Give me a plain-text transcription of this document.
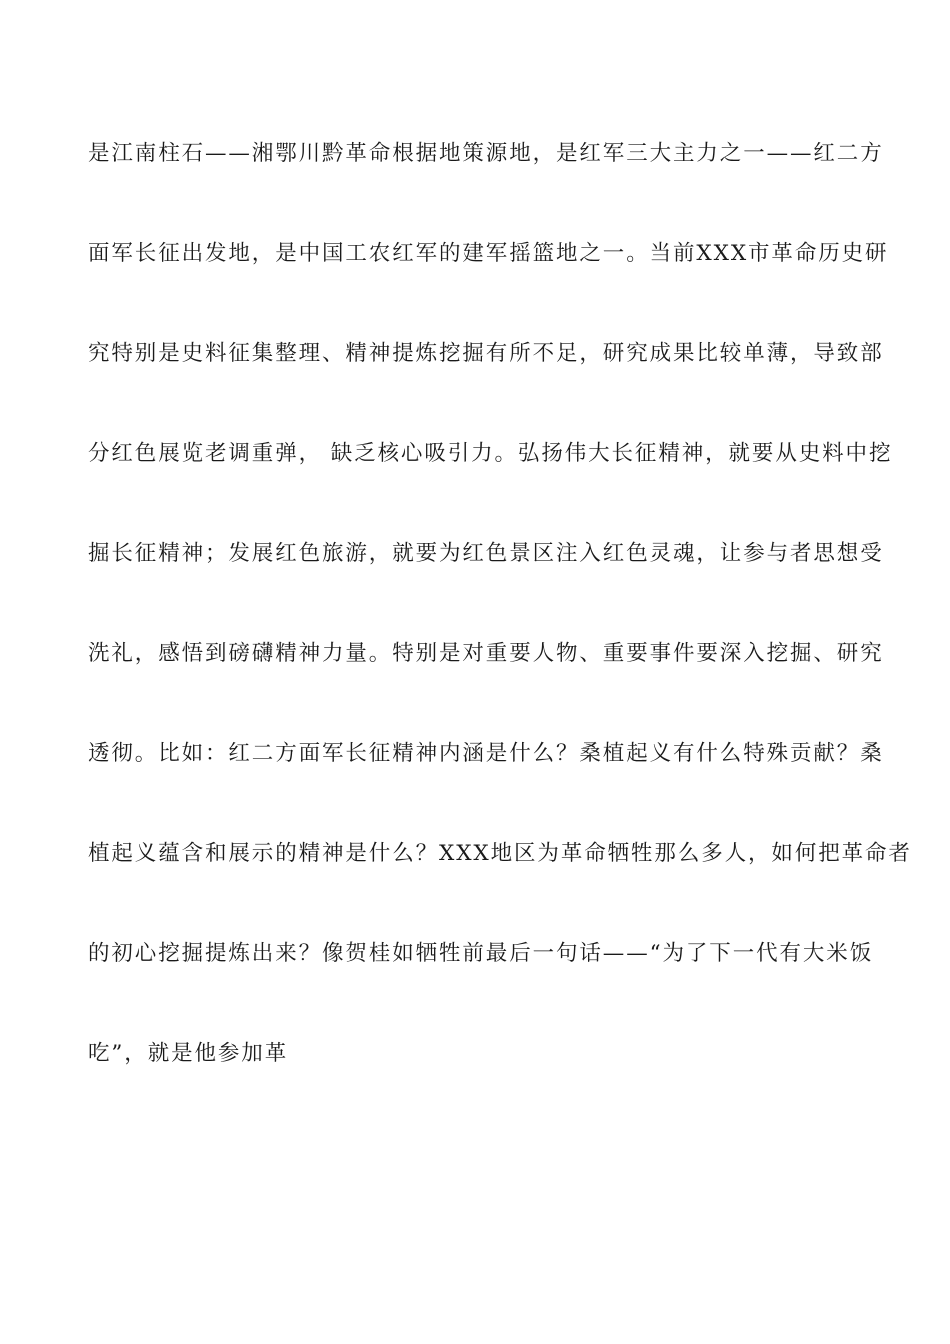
是江南柱石——湘鄂川黔革命根据地策源地，是红军三大主力之一——红二方
面军长征出发地，是中国工农红军的建军摇篮地之一。当前XXX市革命历史研
究特别是史料征集整理、精神提炼挖掘有所不足，研究成果比较单薄，导致部
分红色展览老调重弹， 缺乏核心吸引力。弘扬伟大长征精神，就要从史料中挖
掘长征精神；发展红色旅游，就要为红色景区注入红色灵魂，让参与者思想受
洗礼，感悟到磅礴精神力量。特别是对重要人物、重要事件要深入挖掘、研究
透彻。比如：红二方面军长征精神内涵是什么？桑植起义有什么特殊贡献？桑
植起义蕴含和展示的精神是什么？XXX地区为革命牺牲那么多人，如何把革命者
的初心挖掘提炼出来？像贺桂如牺牲前最后一句话——“为了下一代有大米饭
吃”，就是他参加革
